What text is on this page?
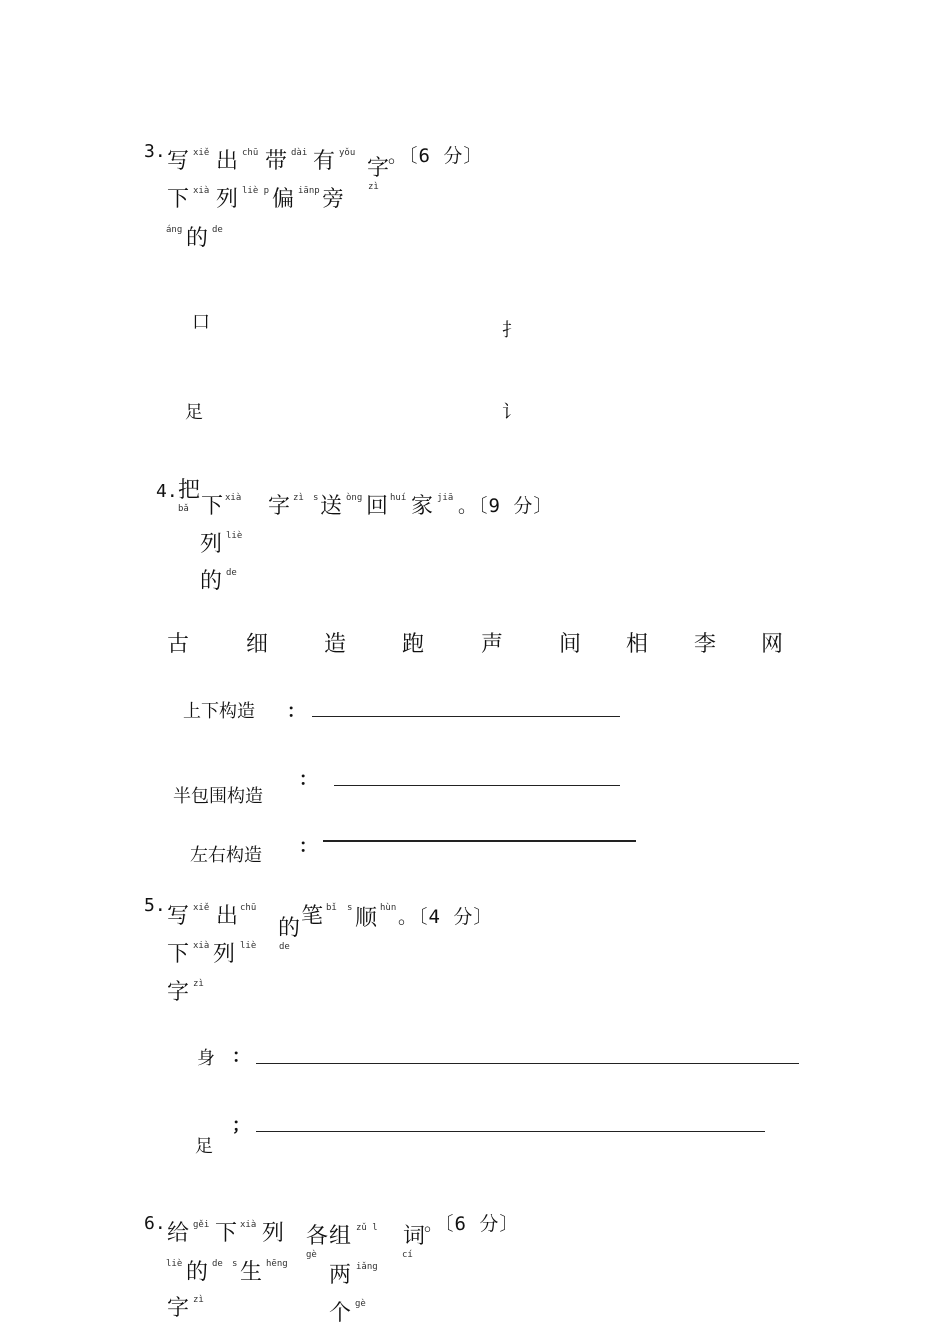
3. 写 xiě 出 chū 带 dài 有 yǒu
字
zì
。〔6 分〕
下 xià 列 liè p 偏 iānp 旁
áng 的 de
口	扌
足	讠
4. 把
bǎ 下 xià 字 zì s 送 òng 回 huí 家 jiā 。〔9 分〕
列 liè
的 de
古	细	造	跑	声	间 相 李 网
上下构造 ：
半包围构造
：
左右构造 ：
5. 写 xiě 出 chū
的
de
笔 bǐ s 顺 hùn 。〔4 分〕
下 xià 列 liè
字 zì
身 ：
足
；
6. 给 gěi 下 xià 列 各
gè
组 zǔ l 词
cí
。〔6 分〕
liè 的 de s 生 hēng 两 iǎng
字 zì
个 gè
